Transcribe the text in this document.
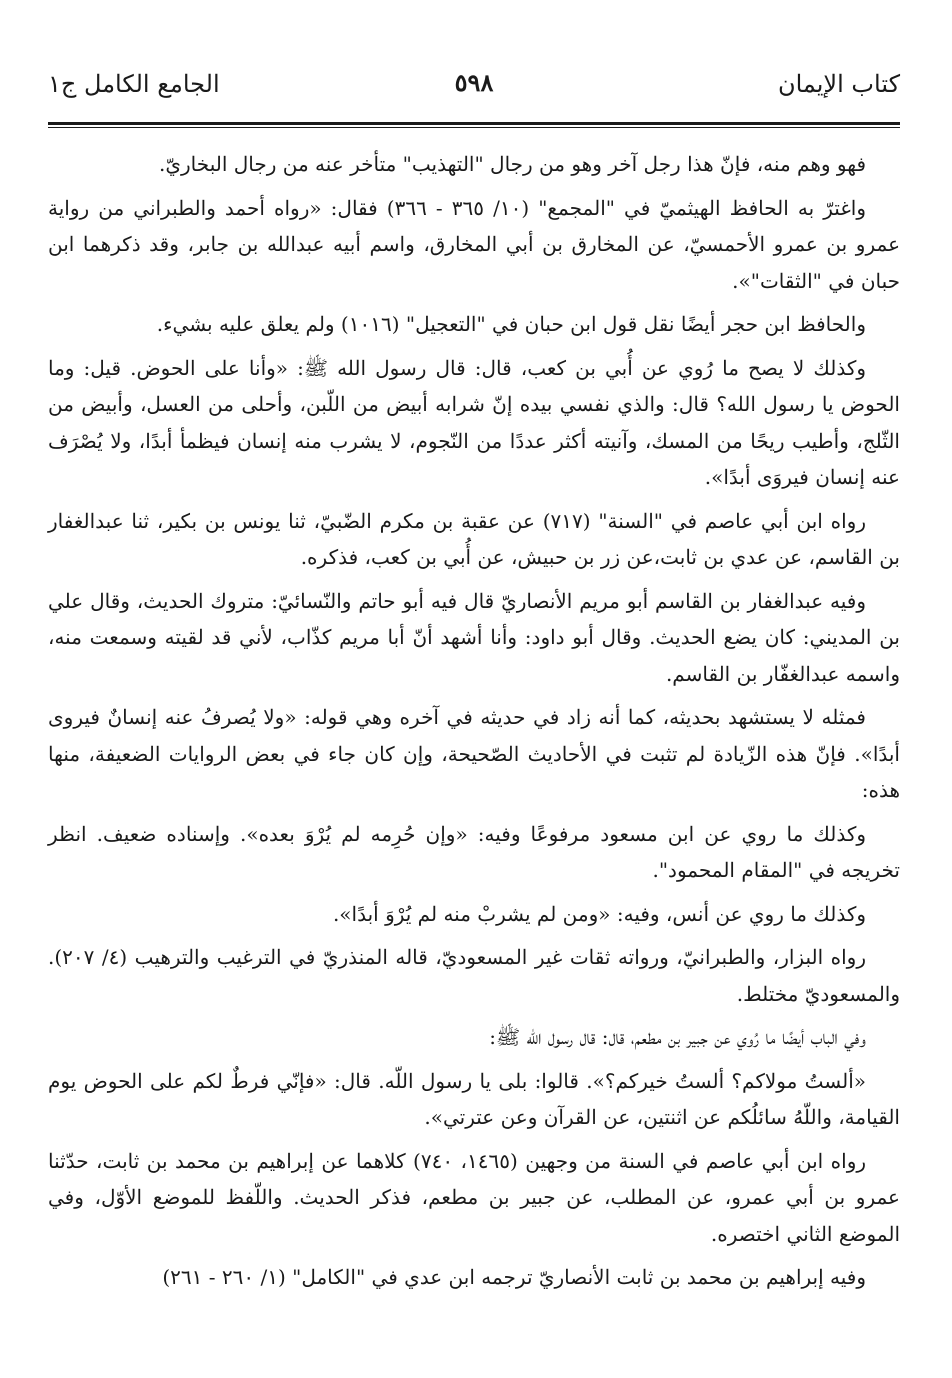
كتاب الإيمان
٥٩٨
الجامع الكامل ج١

فهو وهم منه، فإنّ هذا رجل آخر وهو من رجال "التهذيب" متأخر عنه من رجال البخاريّ.

واغترّ به الحافظ الهيثميّ في "المجمع" (١٠/ ٣٦٥ - ٣٦٦) فقال: «رواه أحمد والطبراني من رواية عمرو بن عمرو الأحمسيّ، عن المخارق بن أبي المخارق، واسم أبيه عبدالله بن جابر، وقد ذكرهما ابن حبان في "الثقات"».

والحافظ ابن حجر أيضًا نقل قول ابن حبان في "التعجيل" (١٠١٦) ولم يعلق عليه بشيء.

وكذلك لا يصح ما رُوي عن أُبي بن كعب، قال: قال رسول الله ﷺ: «وأنا على الحوض. قيل: وما الحوض يا رسول الله؟ قال: والذي نفسي بيده إنّ شرابه أبيض من اللّبن، وأحلى من العسل، وأبيض من الثّلج، وأطيب ريحًا من المسك، وآنيته أكثر عددًا من النّجوم، لا يشرب منه إنسان فيظمأ أبدًا، ولا يُصْرَف عنه إنسان فيروَى أبدًا».

رواه ابن أبي عاصم في "السنة" (٧١٧) عن عقبة بن مكرم الضّبيّ، ثنا يونس بن بكير، ثنا عبدالغفار بن القاسم، عن عدي بن ثابت،عن زر بن حبيش، عن أُبي بن كعب، فذكره.

وفيه عبدالغفار بن القاسم أبو مريم الأنصاريّ قال فيه أبو حاتم والنّسائيّ: متروك الحديث، وقال علي بن المديني: كان يضع الحديث. وقال أبو داود: وأنا أشهد أنّ أبا مريم كذّاب، لأني قد لقيته وسمعت منه، واسمه عبدالغفّار بن القاسم.

فمثله لا يستشهد بحديثه، كما أنه زاد في حديثه في آخره وهي قوله: «ولا يُصرفُ عنه إنسانٌ فيروى أبدًا». فإنّ هذه الزّيادة لم تثبت في الأحاديث الصّحيحة، وإن كان جاء في بعض الروايات الضعيفة، منها هذه:

وكذلك ما روي عن ابن مسعود مرفوعًا وفيه: «وإن حُرِمه لم يُرْوَ بعده». وإسناده ضعيف. انظر تخريجه في "المقام المحمود".

وكذلك ما روي عن أنس، وفيه: «ومن لم يشربْ منه لم يُرْوَ أبدًا».

رواه البزار، والطبرانيّ، ورواته ثقات غير المسعوديّ، قاله المنذريّ في الترغيب والترهيب (٤/ ٢٠٧). والمسعوديّ مختلط.

وفي الباب أيضًا ما رُوي عن جبير بن مطعم، قال: قال رسول الله ﷺ:

«ألستُ مولاكم؟ ألستُ خيركم؟». قالوا: بلى يا رسول اللّه. قال: «فإنّي فرطٌ لكم على الحوض يوم القيامة، واللّهُ سائلُكم عن اثنتين، عن القرآن وعن عترتي».

رواه ابن أبي عاصم في السنة من وجهين (١٤٦٥، ٧٤٠) كلاهما عن إبراهيم بن محمد بن ثابت، حدّثنا عمرو بن أبي عمرو، عن المطلب، عن جبير بن مطعم، فذكر الحديث. واللّفظ للموضع الأوّل، وفي الموضع الثاني اختصره.

وفيه إبراهيم بن محمد بن ثابت الأنصاريّ ترجمه ابن عدي في "الكامل" (١/ ٢٦٠ - ٢٦١)
